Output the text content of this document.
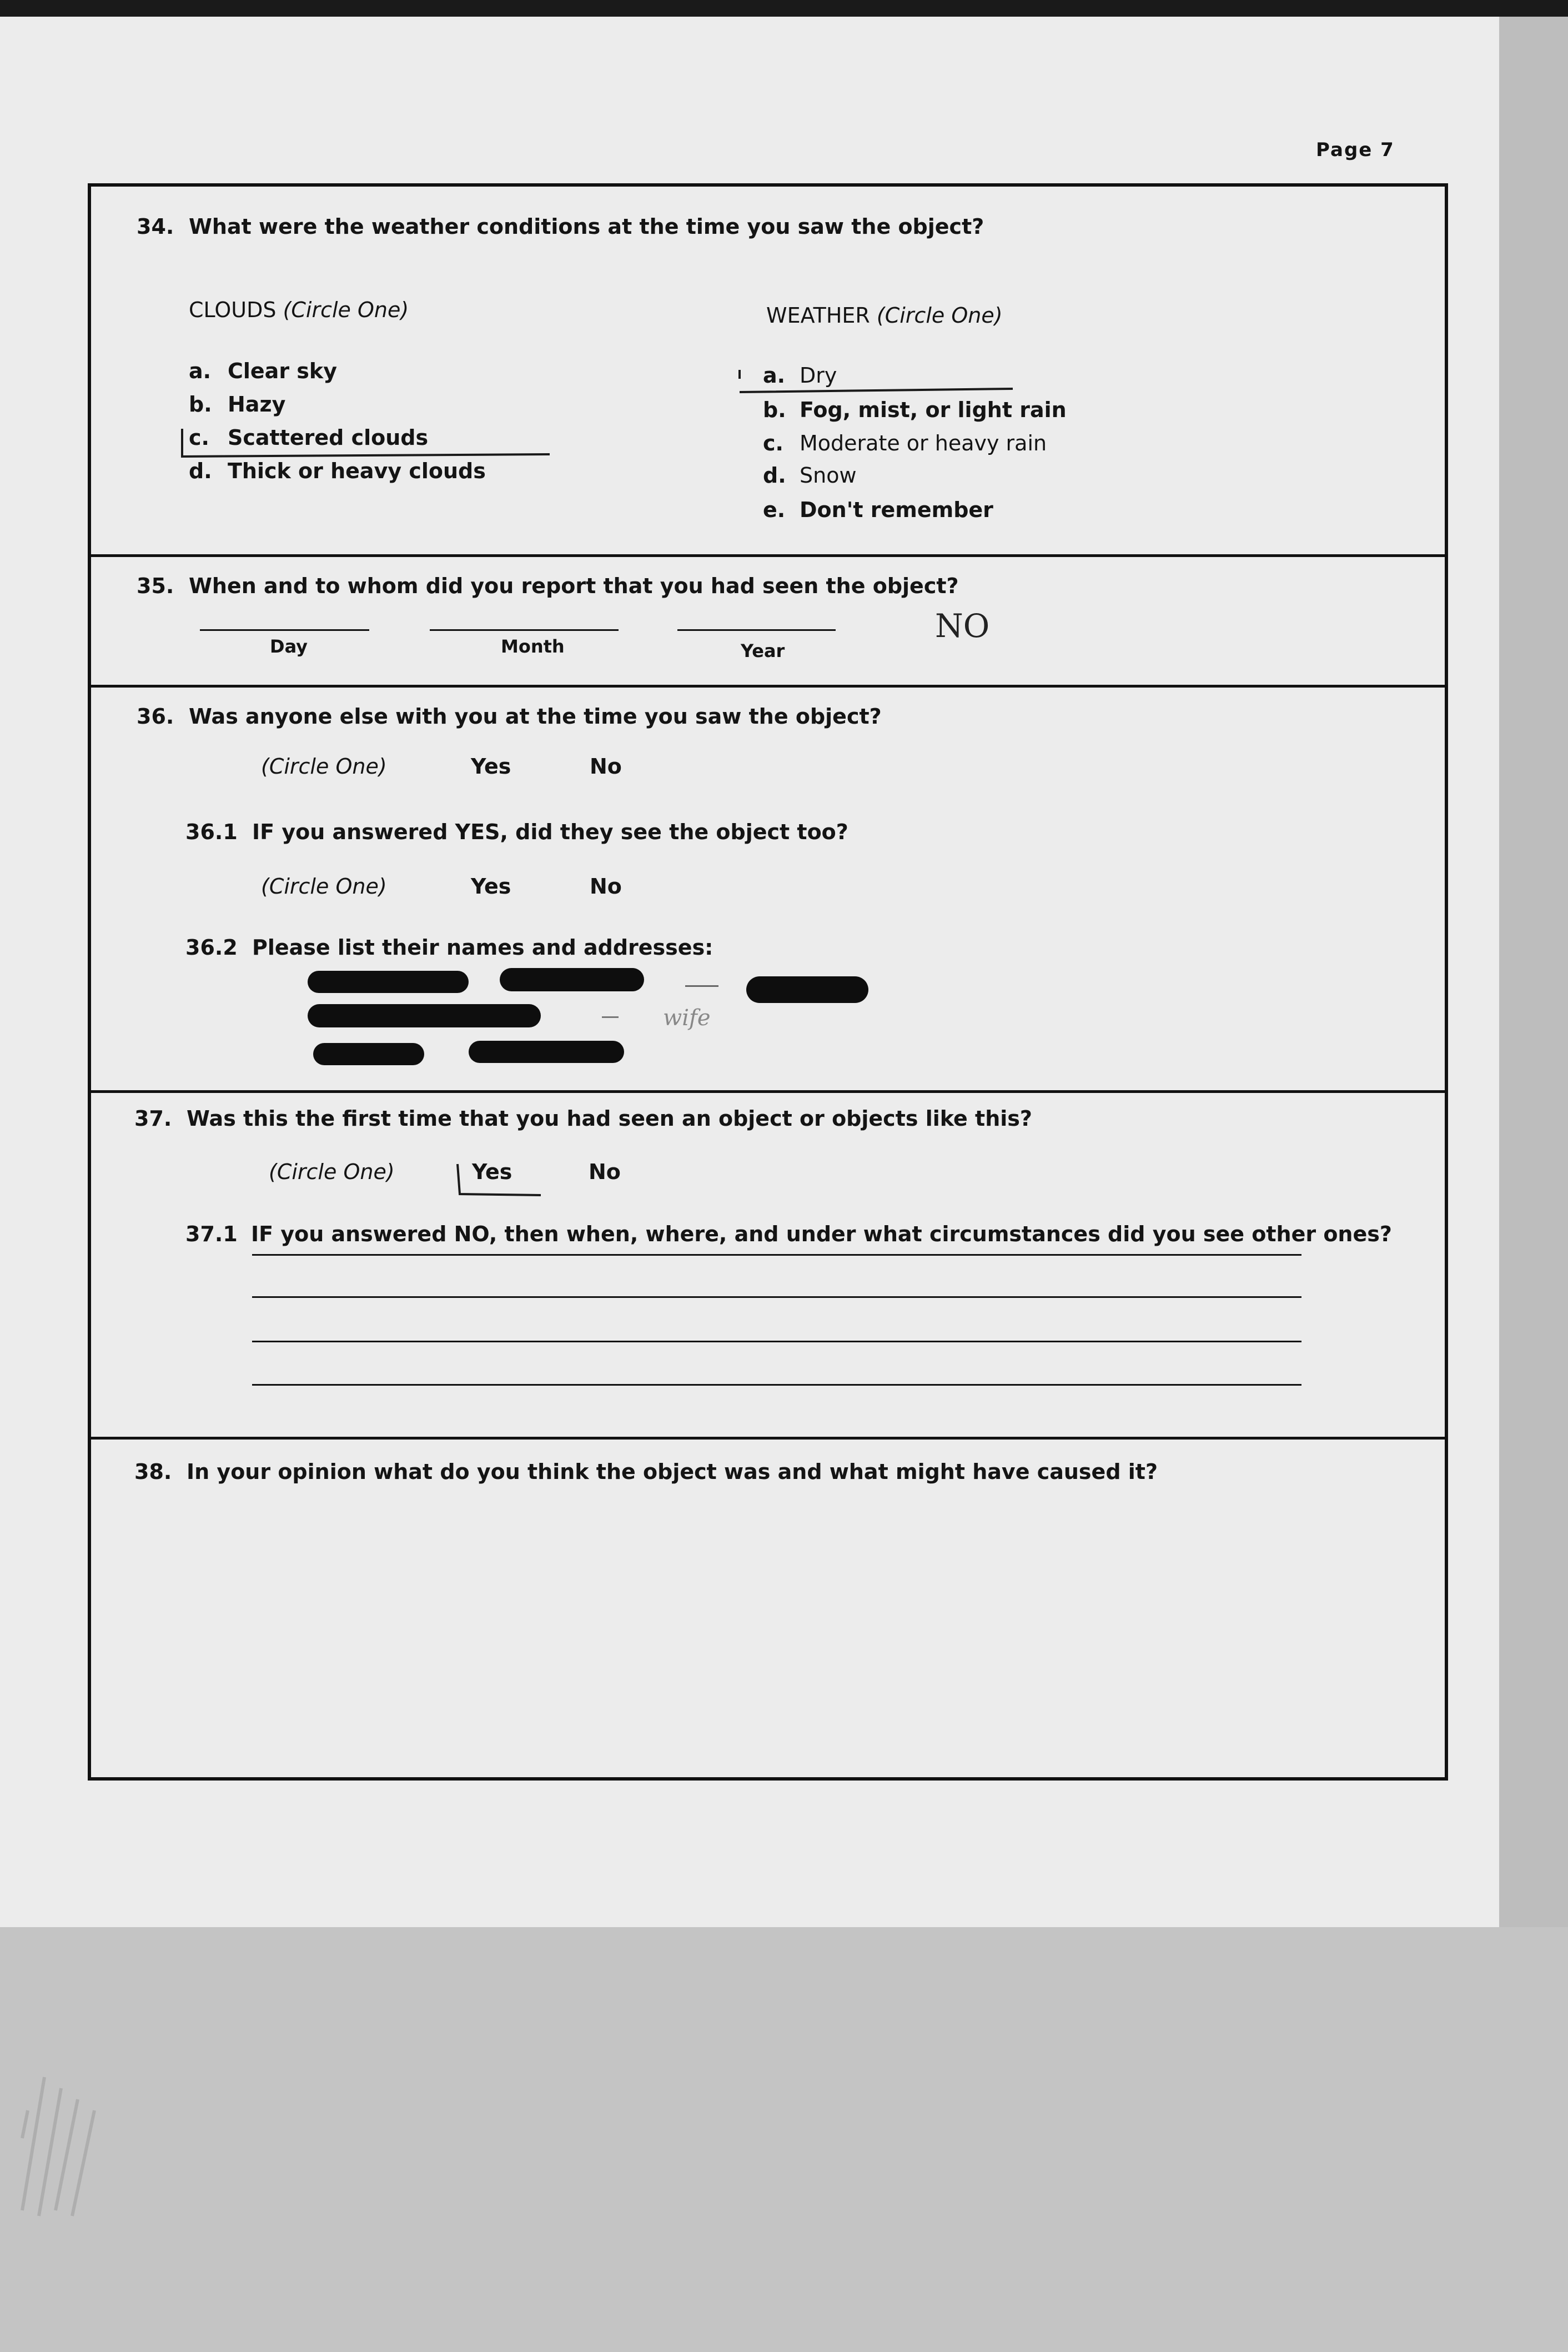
Page 7
34. What were the weather conditions at the time you saw the object?
CLOUDS (Circle One)
a. Clear sky
b. Hazy
c. Scattered clouds
d. Thick or heavy clouds
WEATHER (Circle One)
a. Dry
b. Fog, mist, or light rain
c. Moderate or heavy rain
d. Snow
e. Don't remember
35. When and to whom did you report that you had seen the object?
Day	Month	Year
NO
36. Was anyone else with you at the time you saw the object?
(Circle One)	Yes	No
36.1 IF you answered YES, did they see the object too?
(Circle One)	Yes	No
36.2 Please list their names and addresses:
wife
37. Was this the first time that you had seen an object or objects like this?
(Circle One)	Yes	No
37.1 IF you answered NO, then when, where, and under what circumstances did you see other ones?
38. In your opinion what do you think the object was and what might have caused it?
